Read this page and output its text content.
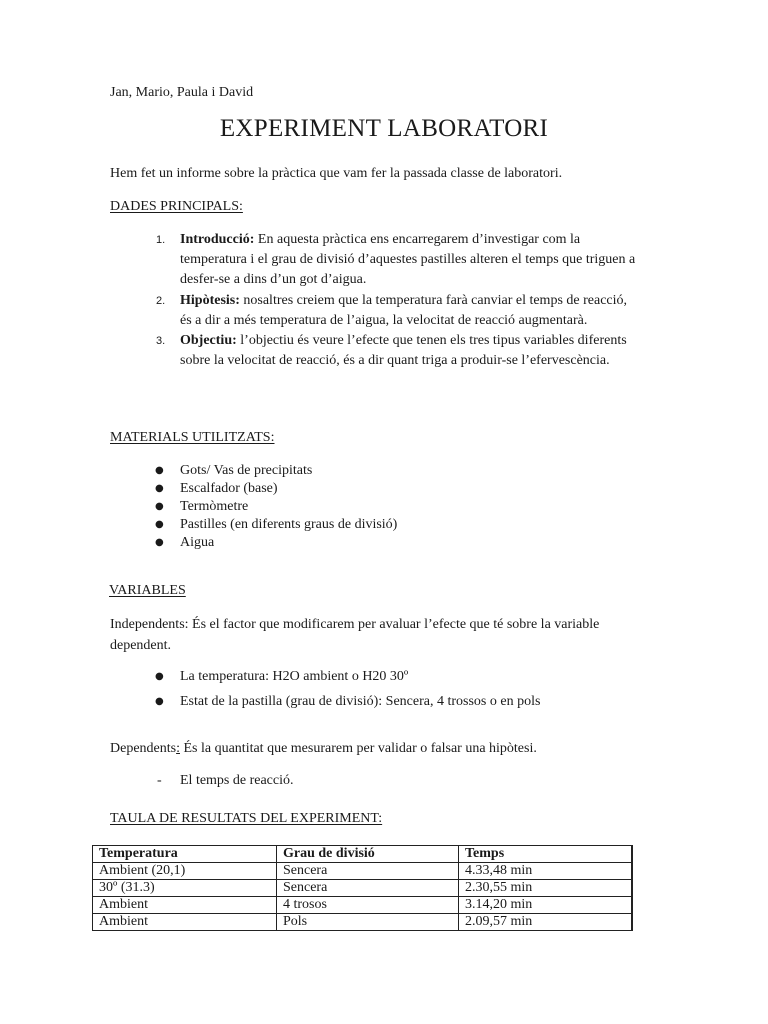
Jan, Mario, Paula i David
EXPERIMENT LABORATORI
Hem fet un informe sobre la pràctica que vam fer la passada classe de laboratori.
DADES PRINCIPALS:
1. Introducció: En aquesta pràctica ens encarregarem d’investigar com la temperatura i el grau de divisió d’aquestes pastilles alteren el temps que triguen a desfer-se a dins d’un got d’aigua.
2. Hipòtesis: nosaltres creiem que la temperatura farà canviar el temps de reacció, és a dir a més temperatura de l’aigua, la velocitat de reacció augmentarà.
3. Objectiu: l’objectiu és veure l’efecte que tenen els tres tipus variables diferents sobre la velocitat de reacció, és a dir quant triga a produir-se l’efervescència.
MATERIALS UTILITZATS:
● Gots/ Vas de precipitats
● Escalfador (base)
● Termòmetre
● Pastilles (en diferents graus de divisió)
● Aigua
VARIABLES
Independents: És el factor que modificarem per avaluar l’efecte que té sobre la variable dependent.
● La temperatura: H2O ambient o H20 30º
● Estat de la pastilla (grau de divisió): Sencera, 4 trossos o en pols
Dependents: És la quantitat que mesurarem per validar o falsar una hipòtesi.
- El temps de reacció.
TAULA DE RESULTATS DEL EXPERIMENT:
Temperatura	Grau de divisió	Temps	
Ambient (20,1)	Sencera	4.33,48 min	
30º (31.3)	Sencera	2.30,55 min	
Ambient	4 trosos	3.14,20 min	
Ambient	Pols	2.09,57 min	
